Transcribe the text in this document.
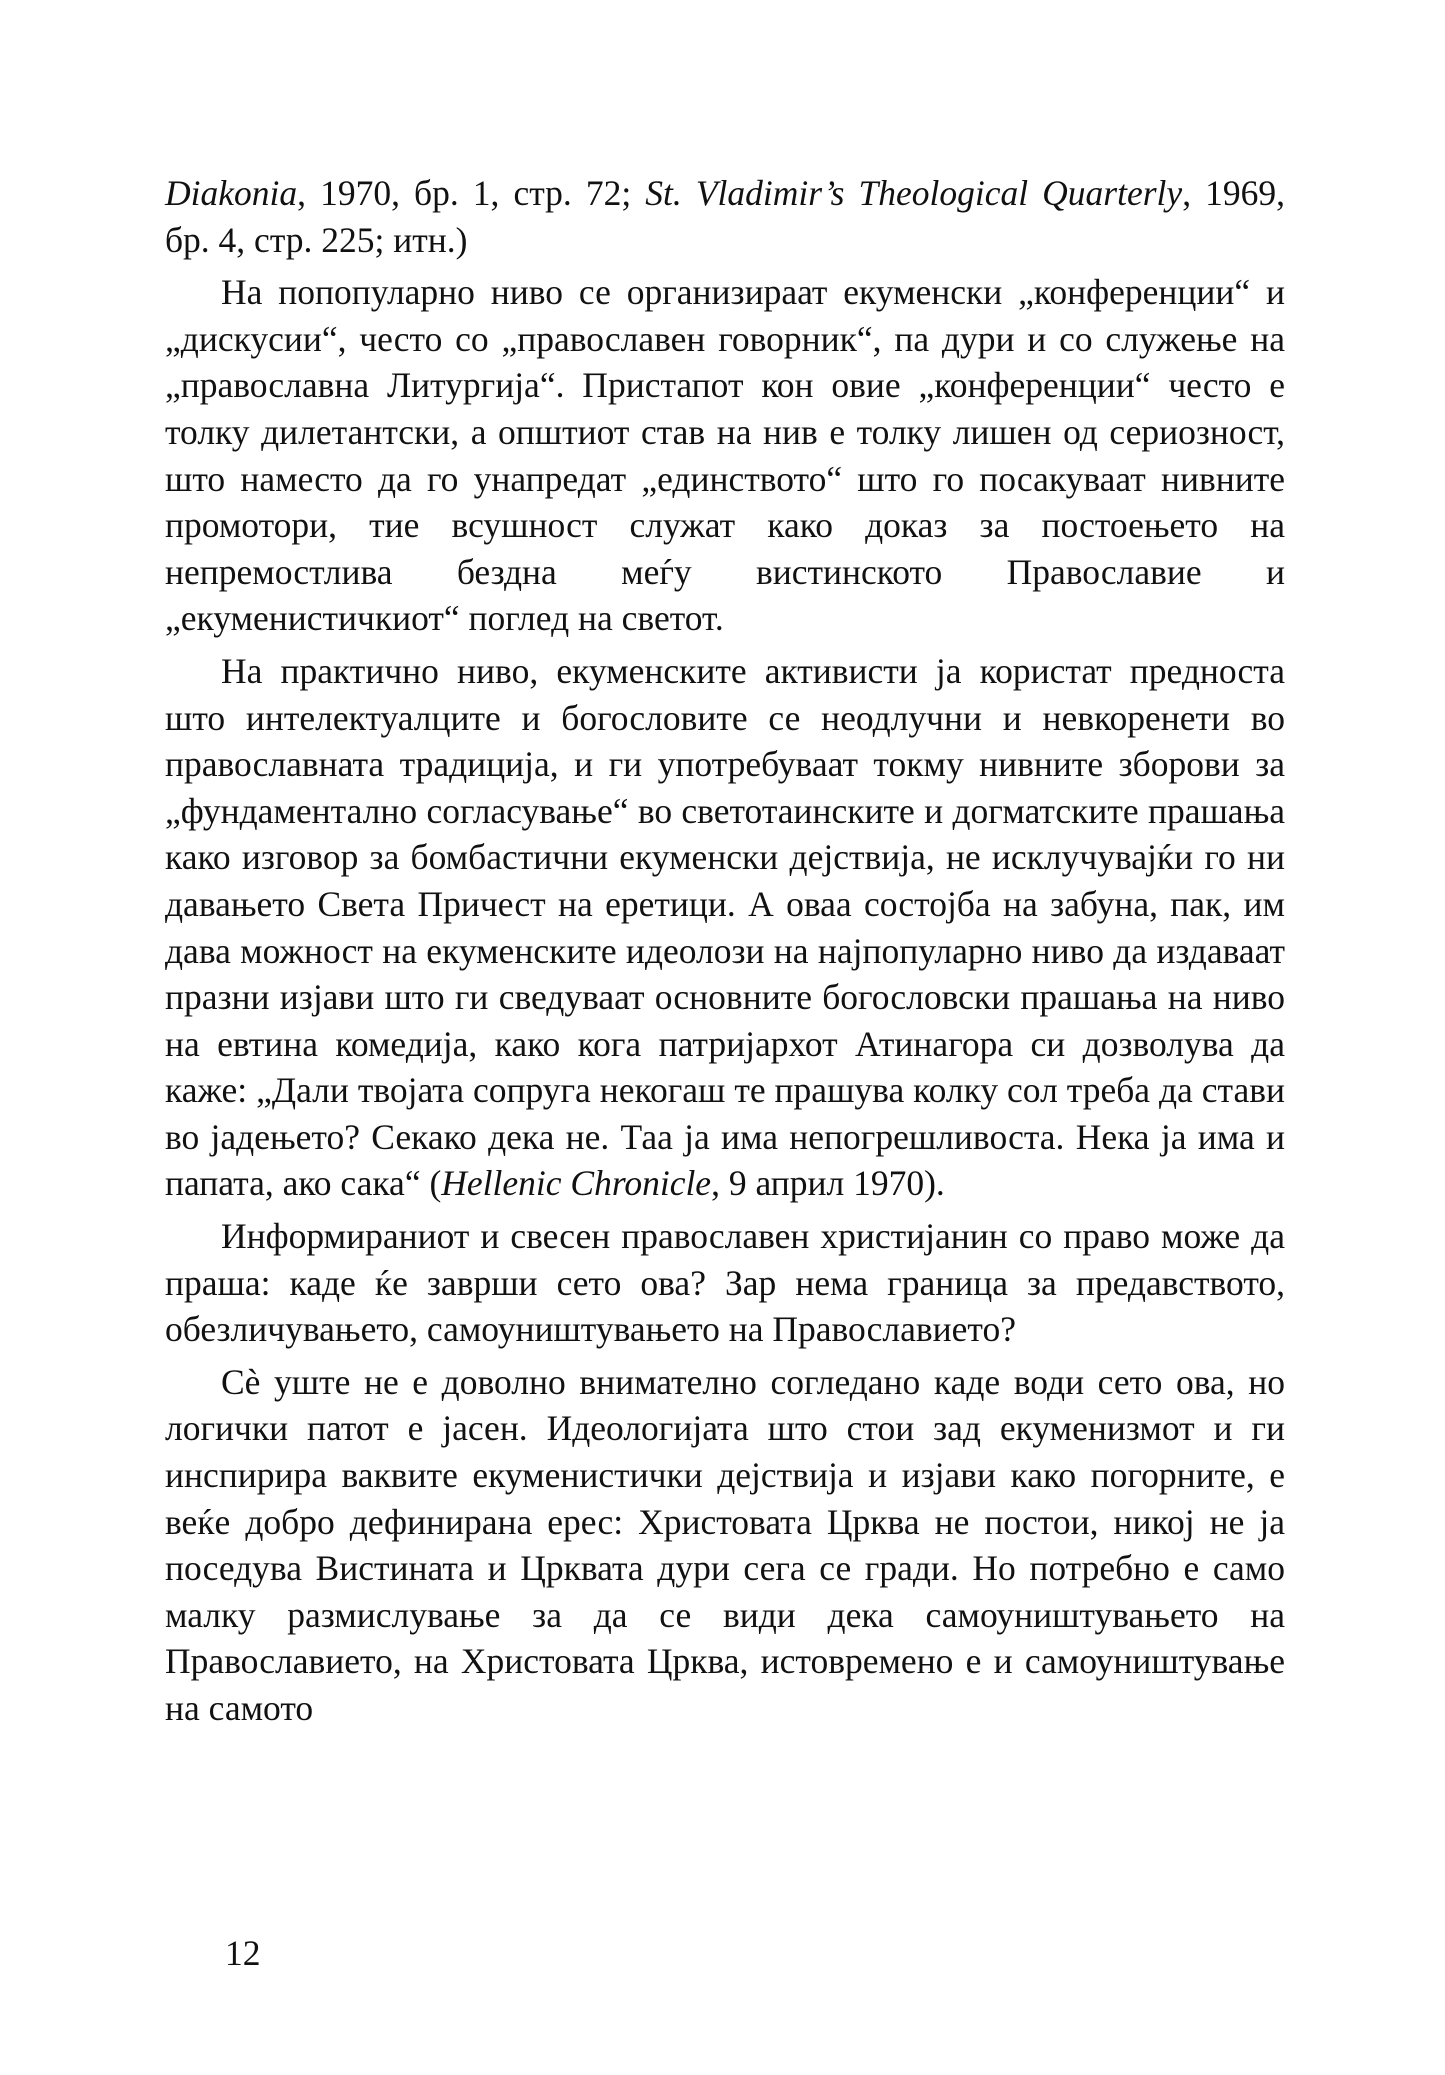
Diakonia, 1970, бр. 1, стр. 72; St. Vladimir’s Theological Quarterly, 1969, бр. 4, стр. 225; итн.)

На попопуларно ниво се организираат екуменски „конференции“ и „дискусии“, често со „православен говорник“, па дури и со служење на „православна Литургија“. Пристапот кон овие „конференции“ често е толку дилетантски, а општиот став на нив е толку лишен од сериозност, што наместо да го унапредат „единството“ што го посакуваат нивните промотори, тие всушност служат како доказ за постоењето на непремостлива бездна меѓу вистинското Православие и „екуменистичкиот“ поглед на светот.

На практично ниво, екуменските активисти ја користат предноста што интелектуалците и богословите се неодлучни и невкоренети во православната традиција, и ги употребуваат токму нивните зборови за „фундаментално согласување“ во светотаинските и догматските прашања како изговор за бомбастични екуменски дејствија, не исклучувајќи го ни давањето Света Причест на еретици. А оваа состојба на забуна, пак, им дава можност на екуменските идеолози на најпопуларно ниво да издаваат празни изјави што ги сведуваат основните богословски прашања на ниво на евтина комедија, како кога патријархот Атинагора си дозволува да каже: „Дали твојата сопруга некогаш те прашува колку сол треба да стави во јадењето? Секако дека не. Таа ја има непогрешливоста. Нека ја има и папата, ако сака“ (Hellenic Chronicle, 9 април 1970).

Информираниот и свесен православен христијанин со право може да праша: каде ќе заврши сето ова? Зар нема граница за предавството, обезличувањето, самоуништувањето на Православието?

Сè уште не е доволно внимателно согледано каде води сето ова, но логички патот е јасен. Идеологијата што стои зад екуменизмот и ги инспирира ваквите екуменистички дејствија и изјави како погорните, е веќе добро дефинирана ерес: Христовата Црква не постои, никој не ја поседува Вистината и Црквата дури сега се гради. Но потребно е само малку размислување за да се види дека самоуништувањето на Православието, на Христовата Црква, истовремено е и самоуништување на самото

12
